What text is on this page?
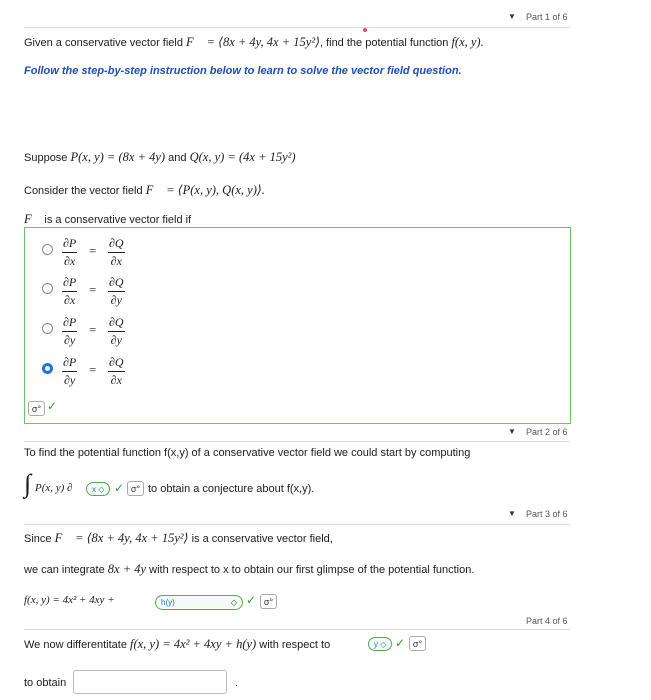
▼ Part 1 of 6
Given a conservative vector field F⃗ = ⟨8x + 4y, 4x + 15y²⟩, find the potential function f(x, y).
Follow the step-by-step instruction below to learn to solve the vector field question.
Suppose P(x, y) = (8x + 4y) and Q(x, y) = (4x + 15y²)
Consider the vector field F⃗ = ⟨P(x, y), Q(x, y)⟩.
F⃗ is a conservative vector field if
$\frac{\partial P}{\partial x} = \frac{\partial Q}{\partial x}$
$\frac{\partial P}{\partial x} = \frac{\partial Q}{\partial y}$
$\frac{\partial P}{\partial y} = \frac{\partial Q}{\partial y}$
$\frac{\partial P}{\partial y} = \frac{\partial Q}{\partial x}$
σ° ✓
▼ Part 2 of 6
To find the potential function f(x,y) of a conservative vector field we could start by computing
∫ P(x, y) ∂	x ◇ ✓ σ° to obtain a conjecture about f(x,y).
▼ Part 3 of 6
Since F⃗ = ⟨8x + 4y, 4x + 15y²⟩ is a conservative vector field,
we can integrate 8x + 4y with respect to x to obtain our first glimpse of the potential function.
f(x, y) = 4x² + 4xy +	h(y)	◇ ✓ σ°
Part 4 of 6
We now differentitate f(x, y) = 4x² + 4xy + h(y) with respect to	y ◇ ✓ σ°
to obtain	.
